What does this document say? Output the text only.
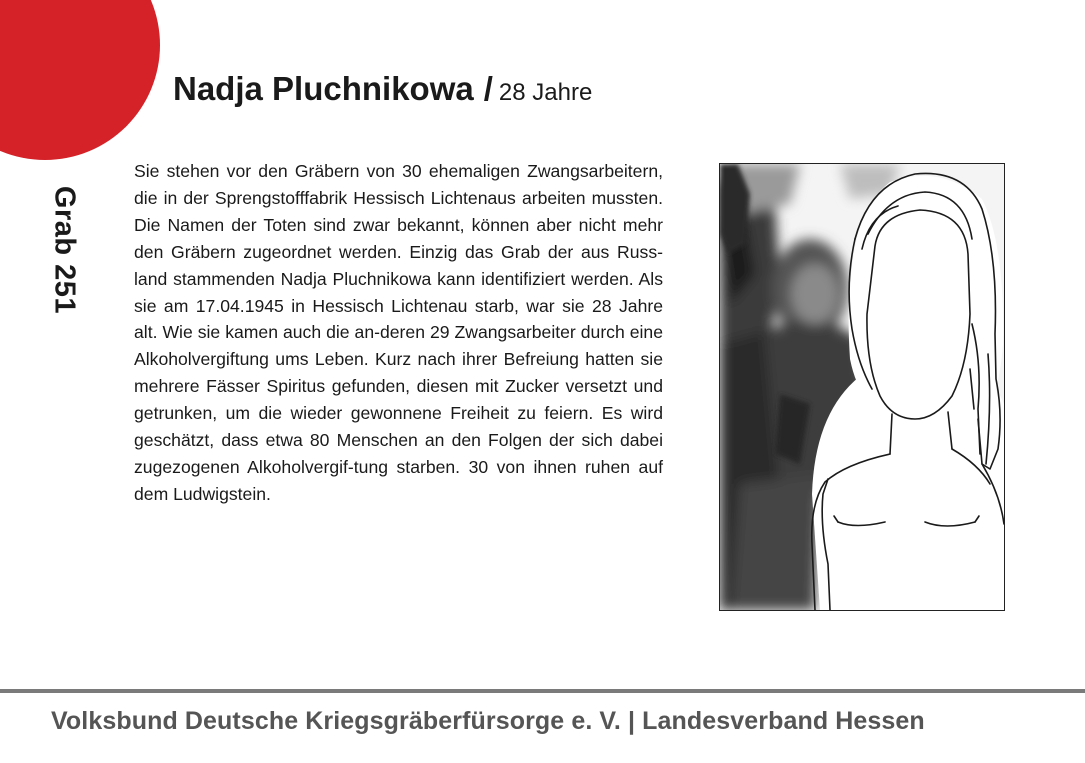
Grab 251
Nadja Pluchnikowa / 28 Jahre

Sie stehen vor den Gräbern von 30 ehemaligen Zwangsarbeitern, die in der Sprengstofffabrik Hessisch Lichtenaus arbeiten mussten. Die Namen der Toten sind zwar bekannt, können aber nicht mehr den Gräbern zugeordnet werden. Einzig das Grab der aus Russ-land stammenden Nadja Pluchnikowa kann identifiziert werden. Als sie am 17.04.1945 in Hessisch Lichtenau starb, war sie 28 Jahre alt. Wie sie kamen auch die an-deren 29 Zwangsarbeiter durch eine Alkoholvergiftung ums Leben. Kurz nach ihrer Befreiung hatten sie mehrere Fässer Spiritus gefunden, diesen mit Zucker versetzt und getrunken, um die wieder gewonnene Freiheit zu feiern. Es wird geschätzt, dass etwa 80 Menschen an den Folgen der sich dabei zugezogenen Alkoholvergif-tung starben. 30 von ihnen ruhen auf dem Ludwigstein.

Volksbund Deutsche Kriegsgräberfürsorge e. V. | Landesverband Hessen
